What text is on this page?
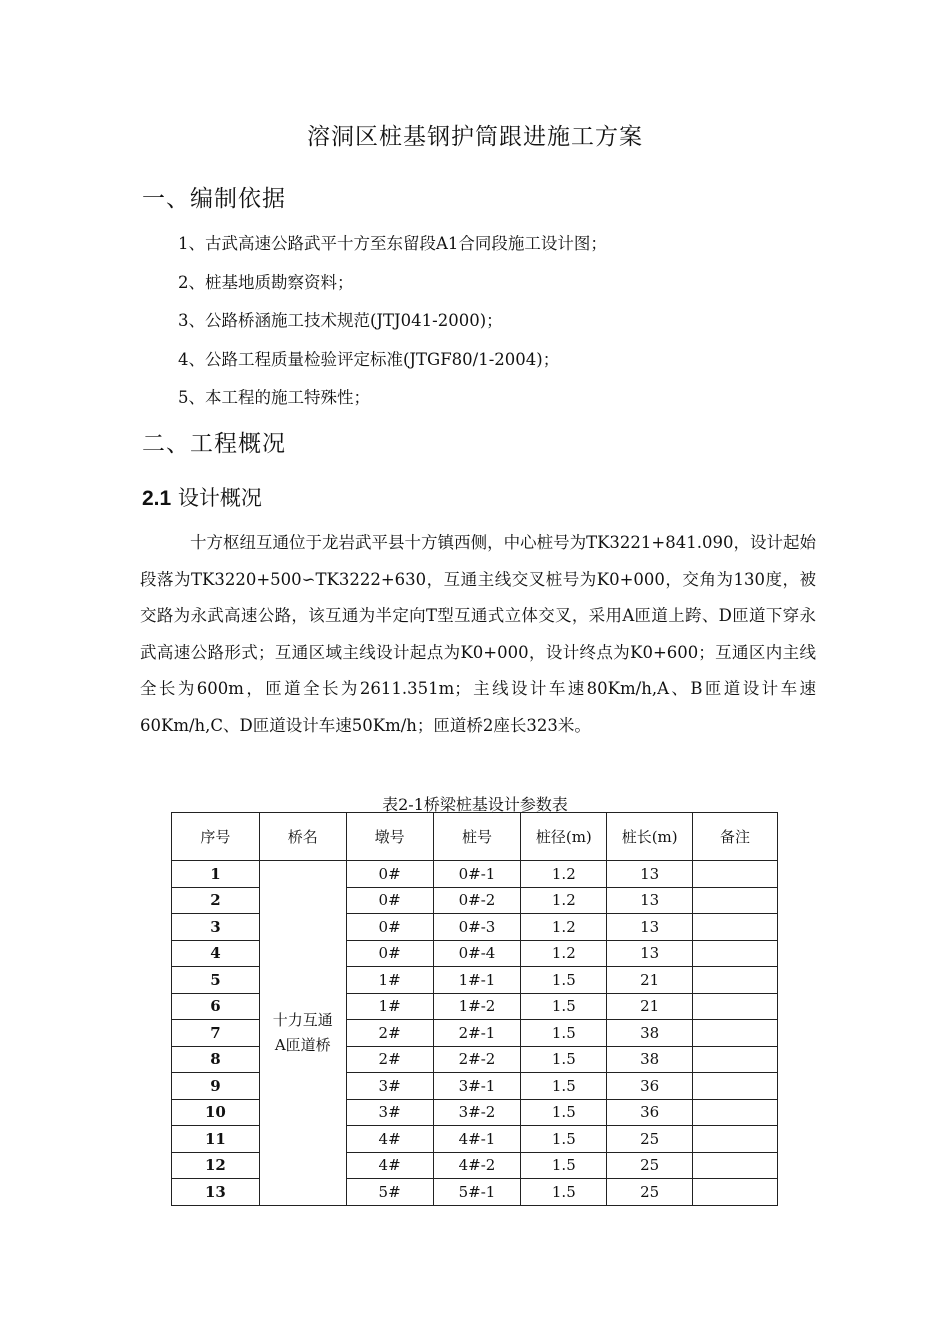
溶洞区桩基钢护筒跟进施工方案
一、编制依据
1、古武高速公路武平十方至东留段A1合同段施工设计图；
2、桩基地质勘察资料；
3、公路桥涵施工技术规范(JTJ041-2000)；
4、公路工程质量检验评定标准(JTGF80/1-2004)；
5、本工程的施工特殊性；
二、工程概况
2.1 设计概况
十方枢纽互通位于龙岩武平县十方镇西侧，中心桩号为TK3221+841.090，设计起始段落为TK3220+500∽TK3222+630，互通主线交叉桩号为K0+000，交角为130度，被交路为永武高速公路，该互通为半定向T型互通式立体交叉，采用A匝道上跨、D匝道下穿永武高速公路形式；互通区域主线设计起点为K0+000，设计终点为K0+600；互通区内主线全长为600m，匝道全长为2611.351m；主线设计车速80Km/h,A、B匝道设计车速60Km/h,C、D匝道设计车速50Km/h；匝道桥2座长323米。
表2-1桥梁桩基设计参数表
序号	桥名	墩号	桩号	桩径(m)	桩长(m)	备注
1	十力互通
A匝道桥	0#	0#-1	1.2	13	
2		0#	0#-2	1.2	13	
3		0#	0#-3	1.2	13	
4		0#	0#-4	1.2	13	
5		1#	1#-1	1.5	21	
6		1#	1#-2	1.5	21	
7		2#	2#-1	1.5	38	
8		2#	2#-2	1.5	38	
9		3#	3#-1	1.5	36	
10		3#	3#-2	1.5	36	
11		4#	4#-1	1.5	25	
12		4#	4#-2	1.5	25	
13		5#	5#-1	1.5	25	
